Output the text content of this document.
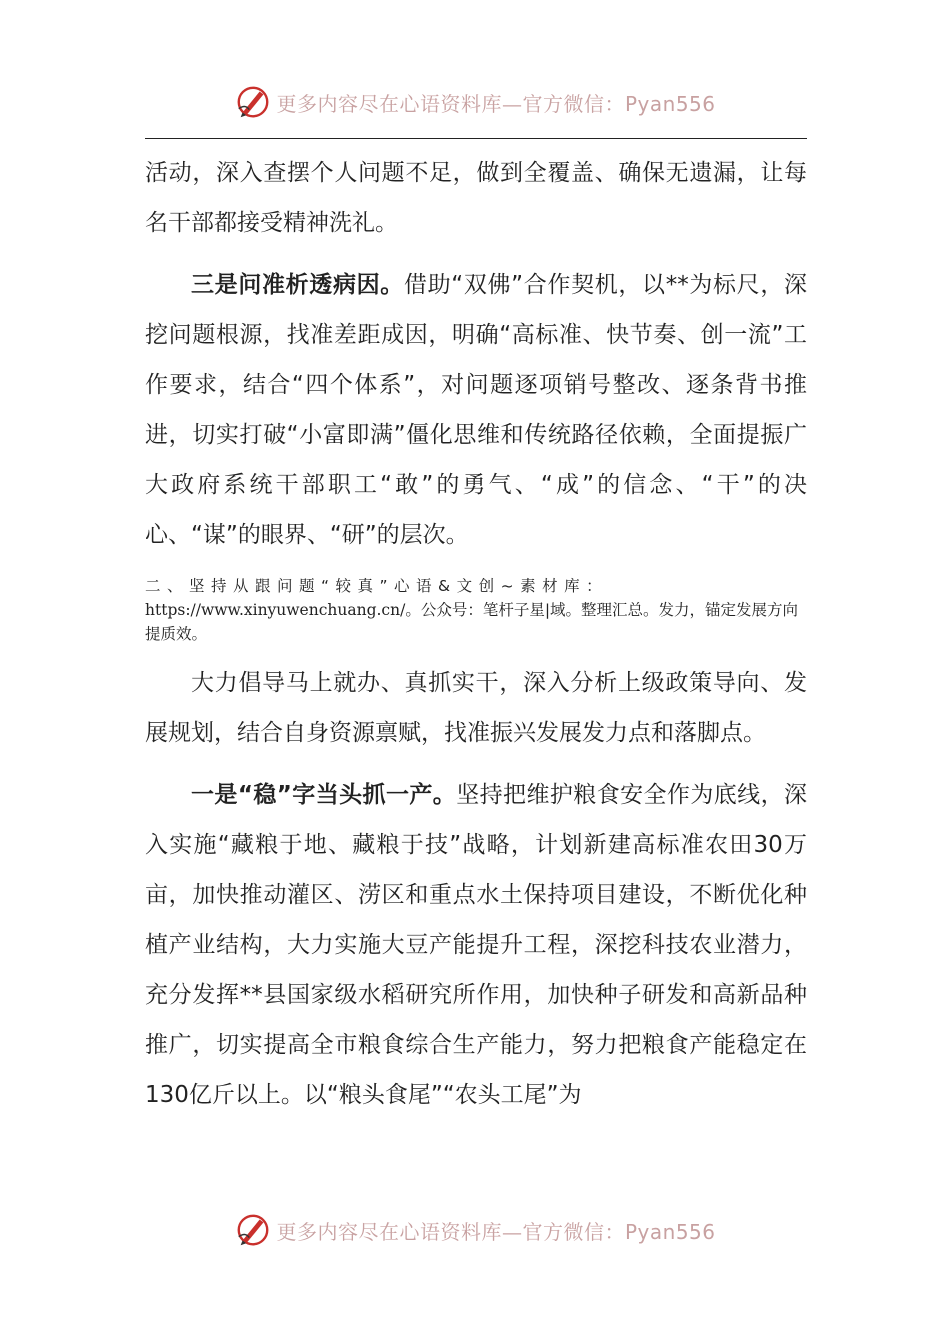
更多内容尽在心语资料库—官方微信：Pyan556

活动，深入查摆个人问题不足，做到全覆盖、确保无遗漏，让每名干部都接受精神洗礼。

三是问准析透病因。借助“双佛”合作契机，以**为标尺，深挖问题根源，找准差距成因，明确“高标准、快节奏、创一流”工作要求，结合“四个体系”，对问题逐项销号整改、逐条背书推进，切实打破“小富即满”僵化思维和传统路径依赖，全面提振广大政府系统干部职工“敢”的勇气、“成”的信念、“干”的决心、“谋”的眼界、“研”的层次。

二、坚持从跟问题“较真”心语&文创~素材库：https://www.xinyuwenchuang.cn/。公众号：笔杆子星|域。整理汇总。发力，锚定发展方向提质效。

大力倡导马上就办、真抓实干，深入分析上级政策导向、发展规划，结合自身资源禀赋，找准振兴发展发力点和落脚点。

一是“稳”字当头抓一产。坚持把维护粮食安全作为底线，深入实施“藏粮于地、藏粮于技”战略，计划新建高标准农田30万亩，加快推动灌区、涝区和重点水土保持项目建设，不断优化种植产业结构，大力实施大豆产能提升工程，深挖科技农业潜力，充分发挥**县国家级水稻研究所作用，加快种子研发和高新品种推广，切实提高全市粮食综合生产能力，努力把粮食产能稳定在130亿斤以上。以“粮头食尾”“农头工尾”为

更多内容尽在心语资料库—官方微信：Pyan556
